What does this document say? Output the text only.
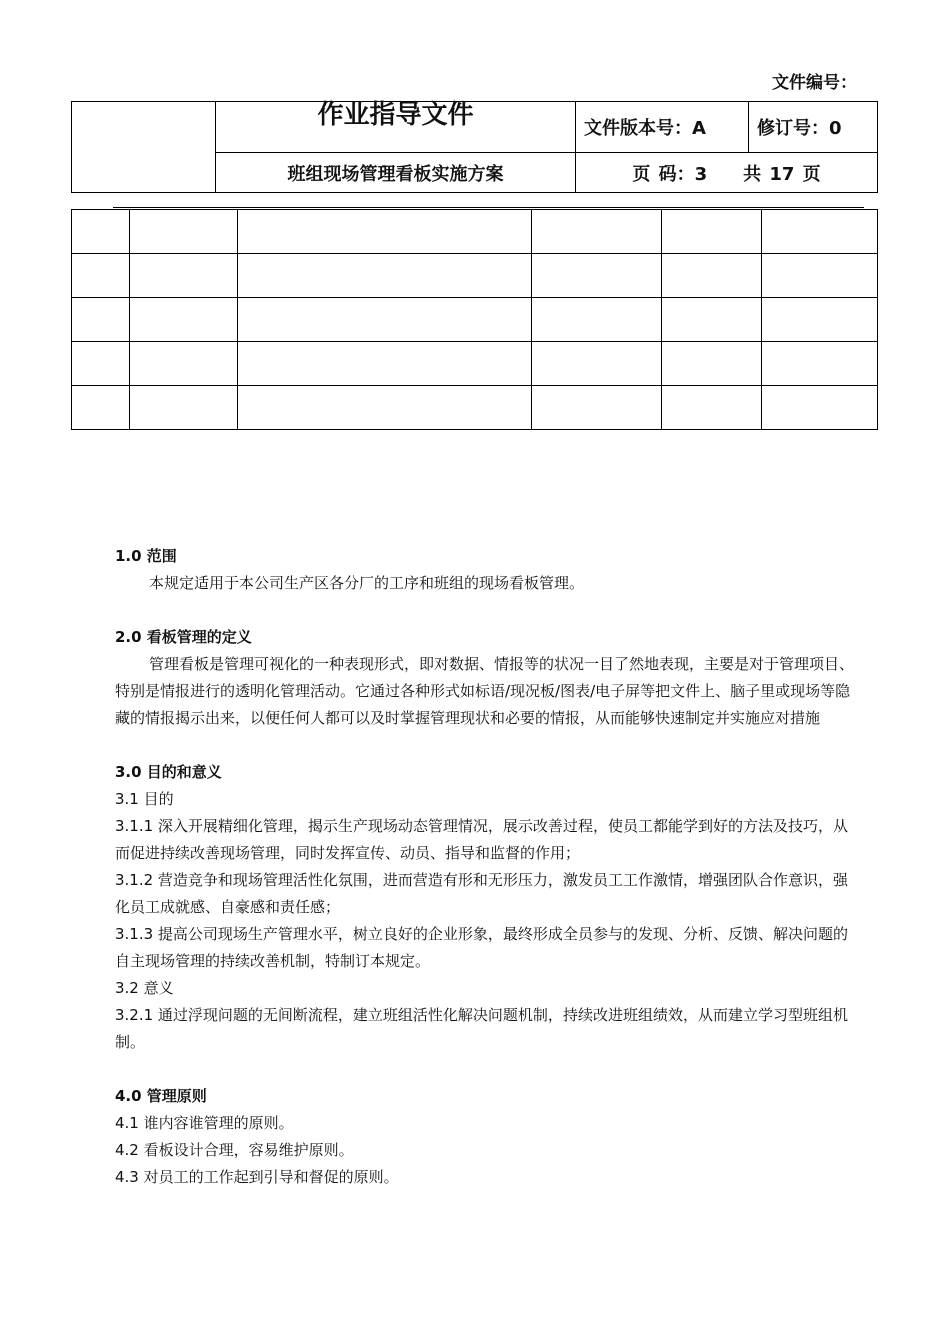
文件编号：
	作业指导文件	文件版本号：A	修订号：0
	班组现场管理看板实施方案	页 码：3　　共 17 页	

1.0 范围

本规定适用于本公司生产区各分厂的工序和班组的现场看板管理。

2.0 看板管理的定义

管理看板是管理可视化的一种表现形式，即对数据、情报等的状况一目了然地表现，主要是对于管理项目、特别是情报进行的透明化管理活动。它通过各种形式如标语/现况板/图表/电子屏等把文件上、脑子里或现场等隐藏的情报揭示出来，以便任何人都可以及时掌握管理现状和必要的情报，从而能够快速制定并实施应对措施

3.0 目的和意义

3.1 目的

3.1.1 深入开展精细化管理，揭示生产现场动态管理情况，展示改善过程，使员工都能学到好的方法及技巧，从而促进持续改善现场管理，同时发挥宣传、动员、指导和监督的作用；

3.1.2 营造竞争和现场管理活性化氛围，进而营造有形和无形压力，激发员工工作激情，增强团队合作意识，强化员工成就感、自豪感和责任感；

3.1.3 提高公司现场生产管理水平，树立良好的企业形象，最终形成全员参与的发现、分析、反馈、解决问题的自主现场管理的持续改善机制，特制订本规定。

3.2 意义

3.2.1 通过浮现问题的无间断流程，建立班组活性化解决问题机制，持续改进班组绩效，从而建立学习型班组机制。

4.0 管理原则

4.1 谁内容谁管理的原则。

4.2 看板设计合理，容易维护原则。

4.3 对员工的工作起到引导和督促的原则。
